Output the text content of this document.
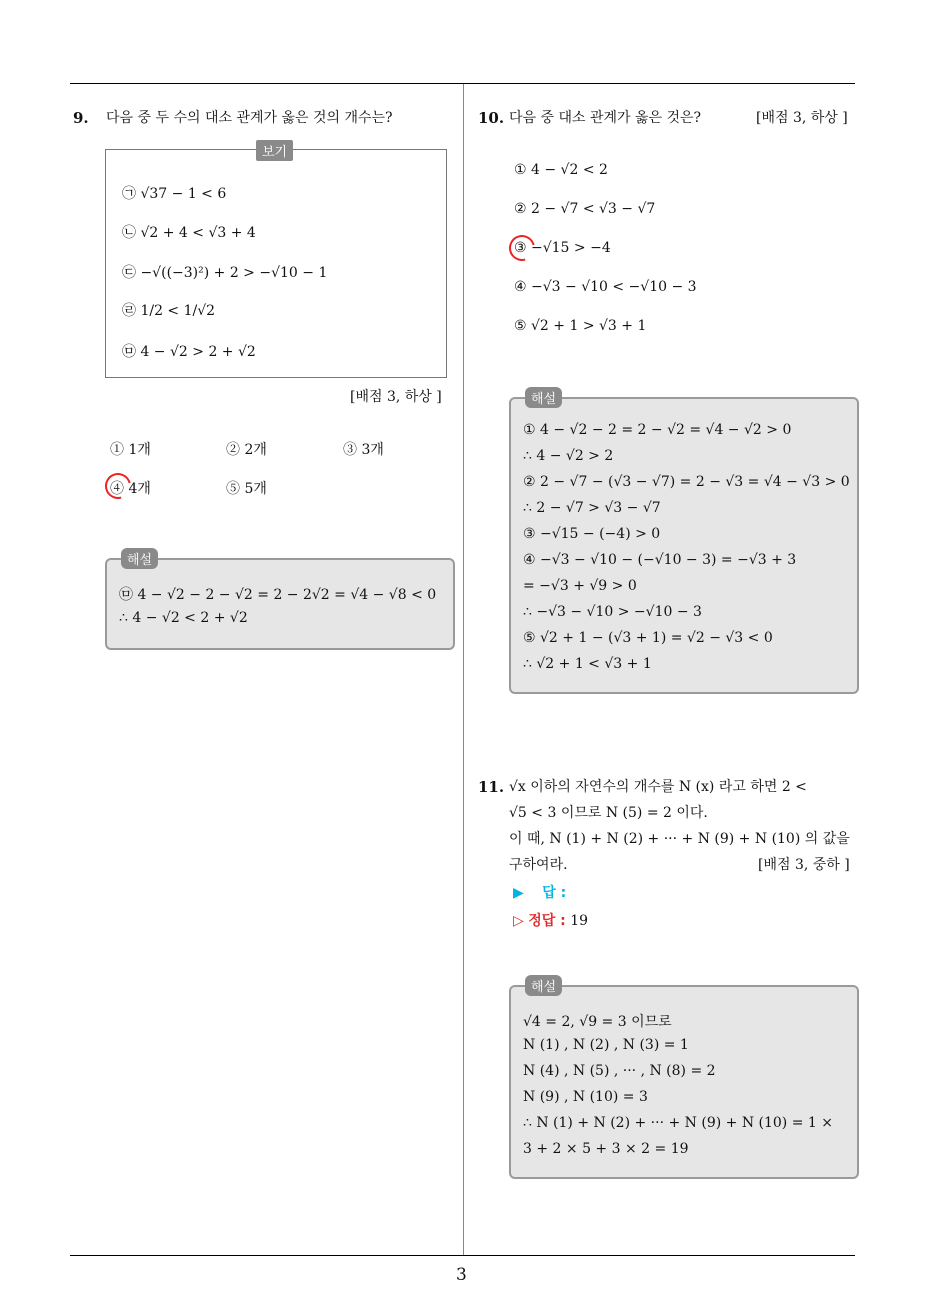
3
9. 다음 중 두 수의 대소 관계가 옳은 것의 개수는?
보기
㉠ √37 − 1 < 6
㉡ √2 + 4 < √3 + 4
㉢ −√((−3)²) + 2 > −√10 − 1
㉣ 1/2 < 1/√2
㉤ 4 − √2 > 2 + √2
[배점 3, 하상 ]
① 1개	② 2개	③ 3개
④ 4개	⑤ 5개
해설
㉤ 4 − √2 − 2 − √2 = 2 − 2√2 = √4 − √8 < 0
∴ 4 − √2 < 2 + √2
10. 다음 중 대소 관계가 옳은 것은?	[배점 3, 하상 ]
① 4 − √2 < 2
② 2 − √7 < √3 − √7
③ −√15 > −4
④ −√3 − √10 < −√10 − 3
⑤ √2 + 1 > √3 + 1
해설
① 4 − √2 − 2 = 2 − √2 = √4 − √2 > 0
∴ 4 − √2 > 2
② 2 − √7 − (√3 − √7) = 2 − √3 = √4 − √3 > 0
∴ 2 − √7 > √3 − √7
③ −√15 − (−4) > 0
④ −√3 − √10 − (−√10 − 3) = −√3 + 3
= −√3 + √9 > 0
∴ −√3 − √10 > −√10 − 3
⑤ √2 + 1 − (√3 + 1) = √2 − √3 < 0
∴ √2 + 1 < √3 + 1
11. √x 이하의 자연수의 개수를 N (x) 라고 하면 2 <
√5 < 3 이므로 N (5) = 2 이다.
이 때, N (1) + N (2) + ··· + N (9) + N (10) 의 값을
구하여라.	[배점 3, 중하 ]
▶ 답 :
▷ 정답 : 19
해설
√4 = 2, √9 = 3 이므로
N (1) , N (2) , N (3) = 1
N (4) , N (5) , ··· , N (8) = 2
N (9) , N (10) = 3
∴ N (1) + N (2) + ··· + N (9) + N (10) = 1 ×
3 + 2 × 5 + 3 × 2 = 19
